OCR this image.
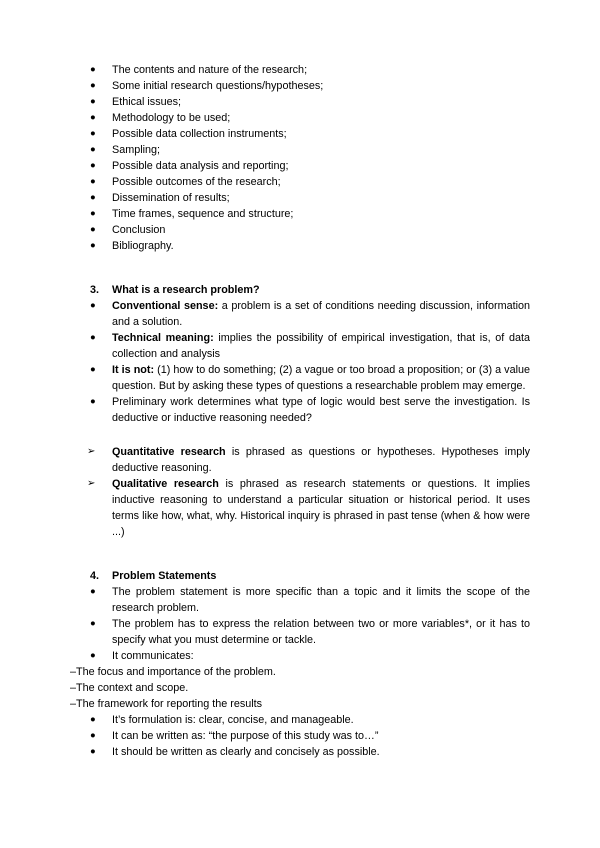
● The contents and nature of the research;
● Some initial research questions/hypotheses;
● Ethical issues;
● Methodology to be used;
● Possible data collection instruments;
● Sampling;
● Possible data analysis and reporting;
● Possible outcomes of the research;
● Dissemination of results;
● Time frames, sequence and structure;
● Conclusion
● Bibliography.
3. What is a research problem?
● Conventional sense: a problem is a set of conditions needing discussion, information and a solution.
● Technical meaning: implies the possibility of empirical investigation, that is, of data collection and analysis
● It is not: (1) how to do something; (2) a vague or too broad a proposition; or (3) a value question. But by asking these types of questions a researchable problem may emerge.
● Preliminary work determines what type of logic would best serve the investigation. Is deductive or inductive reasoning needed?
➢ Quantitative research is phrased as questions or hypotheses. Hypotheses imply deductive reasoning.
➢ Qualitative research is phrased as research statements or questions. It implies inductive reasoning to understand a particular situation or historical period. It uses terms like how, what, why. Historical inquiry is phrased in past tense (when & how were ...)
4. Problem Statements
● The problem statement is more specific than a topic and it limits the scope of the research problem.
● The problem has to express the relation between two or more variables*, or it has to specify what you must determine or tackle.
● It communicates:
–The focus and importance of the problem.
–The context and scope.
–The framework for reporting the results
● It’s formulation is: clear, concise, and manageable.
● It can be written as: “the purpose of this study was to…”
● It should be written as clearly and concisely as possible.
